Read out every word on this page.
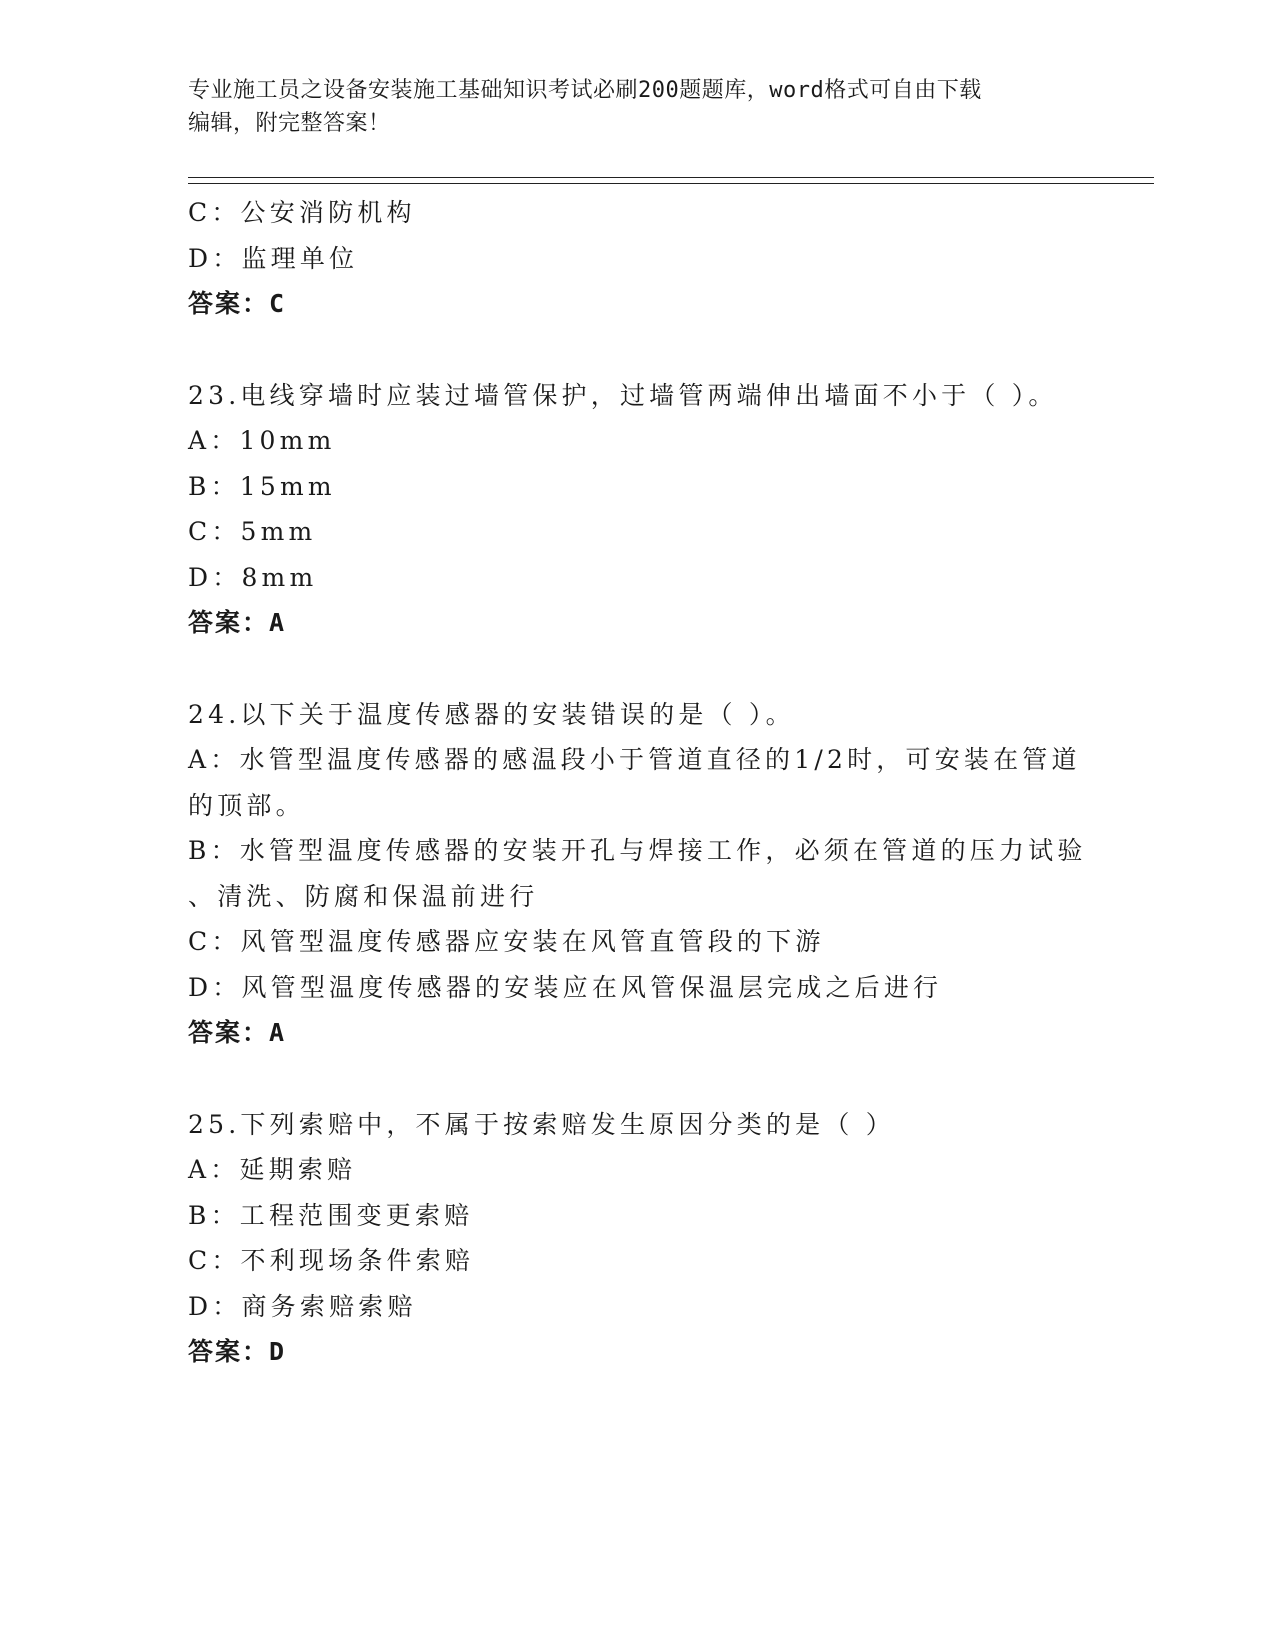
专业施工员之设备安装施工基础知识考试必刷200题题库，word格式可自由下载
编辑，附完整答案！
C：公安消防机构
D：监理单位
答案：C
23.电线穿墙时应装过墙管保护，过墙管两端伸出墙面不小于（ ）。
A：10mm
B：15mm
C：5mm
D：8mm
答案：A
24.以下关于温度传感器的安装错误的是（ ）。
A：水管型温度传感器的感温段小于管道直径的1/2时，可安装在管道
的顶部。
B：水管型温度传感器的安装开孔与焊接工作，必须在管道的压力试验
、清洗、防腐和保温前进行
C：风管型温度传感器应安装在风管直管段的下游
D：风管型温度传感器的安装应在风管保温层完成之后进行
答案：A
25.下列索赔中，不属于按索赔发生原因分类的是（ ）
A：延期索赔
B：工程范围变更索赔
C：不利现场条件索赔
D：商务索赔索赔
答案：D
